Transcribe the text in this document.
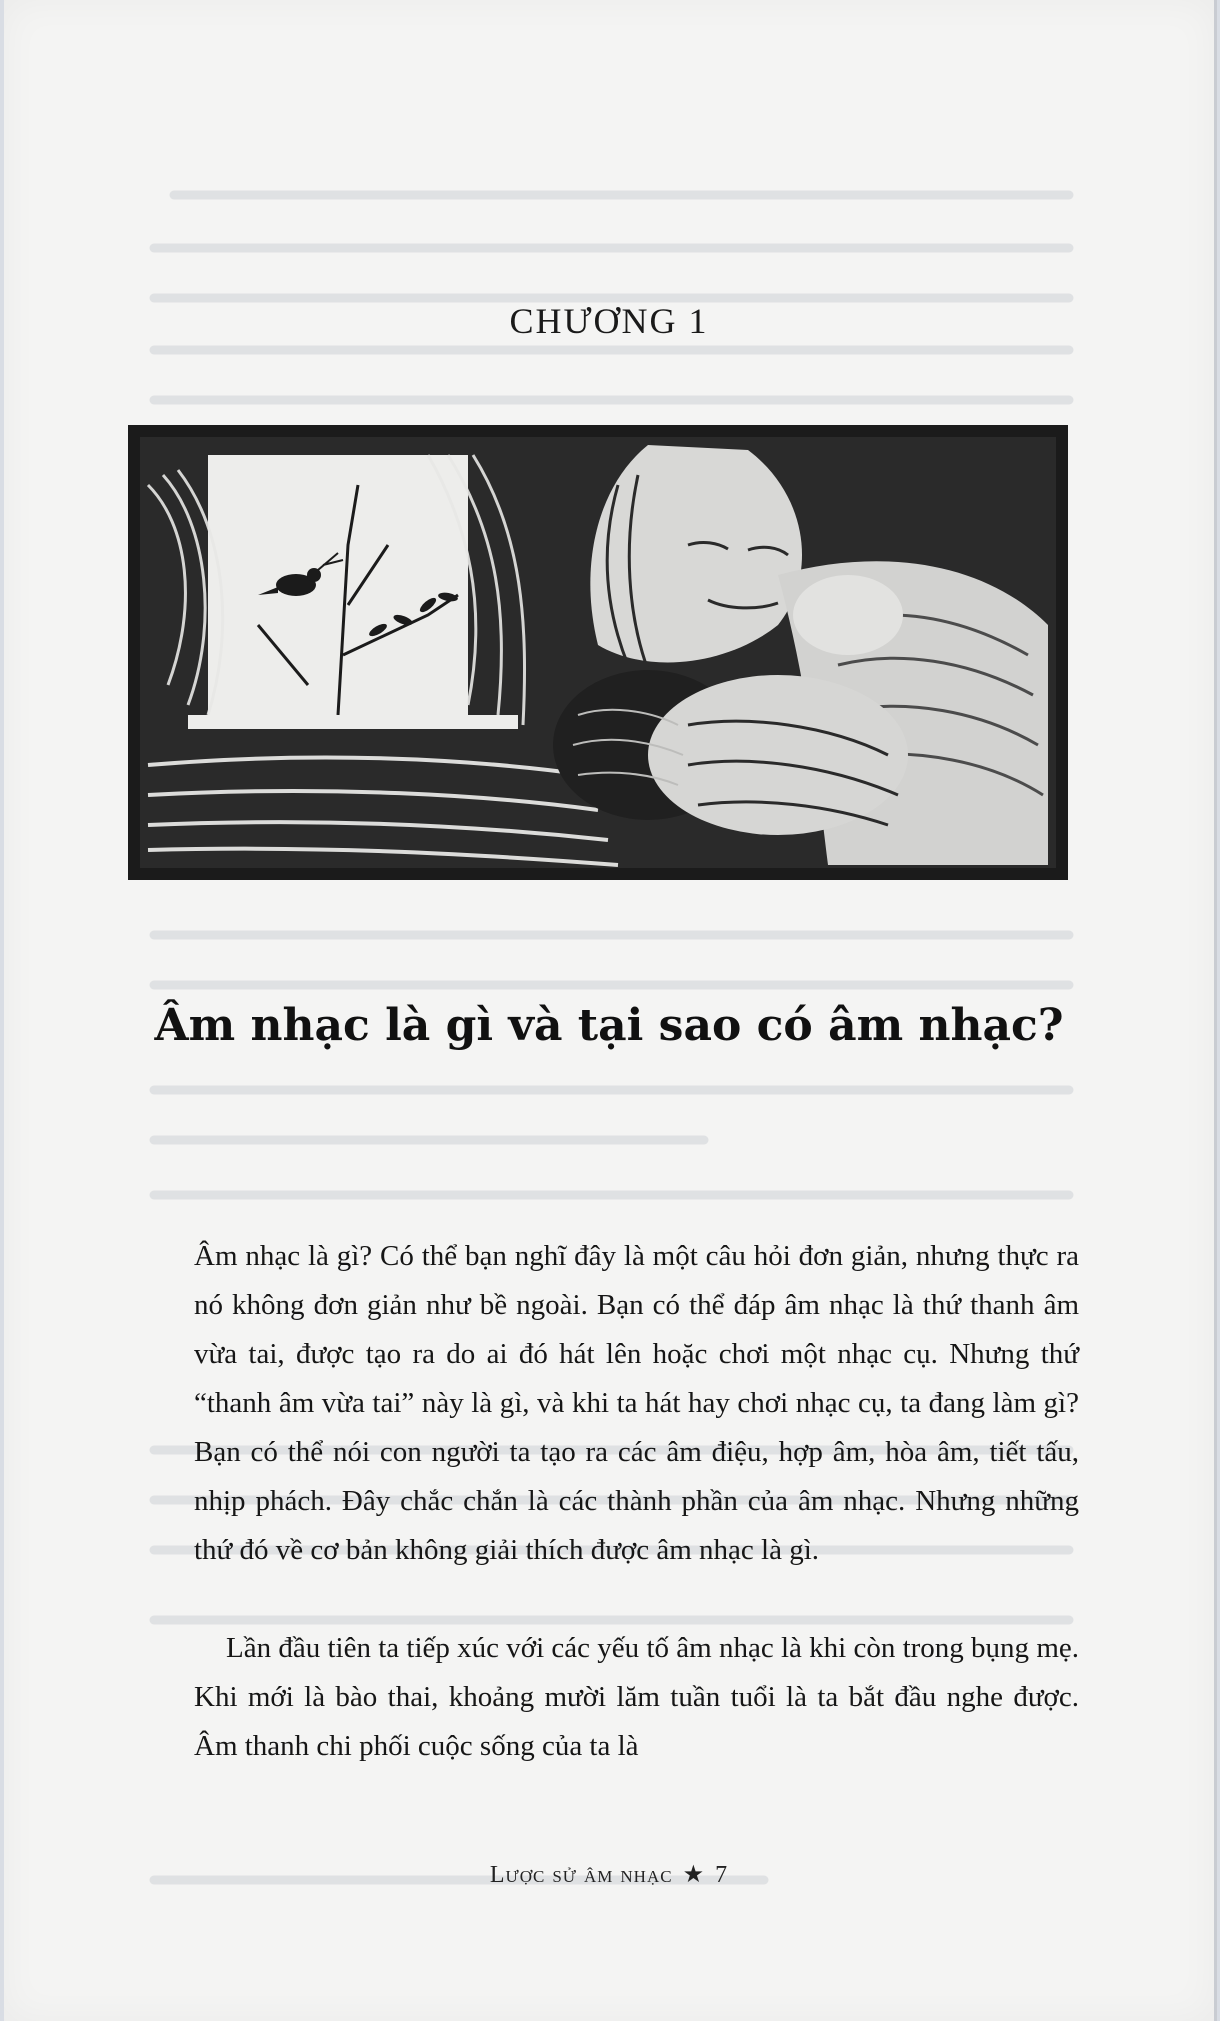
CHƯƠNG 1
Âm nhạc là gì và tại sao có âm nhạc?

Âm nhạc là gì? Có thể bạn nghĩ đây là một câu hỏi đơn giản, nhưng thực ra nó không đơn giản như bề ngoài. Bạn có thể đáp âm nhạc là thứ thanh âm vừa tai, được tạo ra do ai đó hát lên hoặc chơi một nhạc cụ. Nhưng thứ “thanh âm vừa tai” này là gì, và khi ta hát hay chơi nhạc cụ, ta đang làm gì? Bạn có thể nói con người ta tạo ra các âm điệu, hợp âm, hòa âm, tiết tấu, nhịp phách. Đây chắc chắn là các thành phần của âm nhạc. Nhưng những thứ đó về cơ bản không giải thích được âm nhạc là gì.

Lần đầu tiên ta tiếp xúc với các yếu tố âm nhạc là khi còn trong bụng mẹ. Khi mới là bào thai, khoảng mười lăm tuần tuổi là ta bắt đầu nghe được. Âm thanh chi phối cuộc sống của ta là

Lược sử âm nhạc ★ 7
